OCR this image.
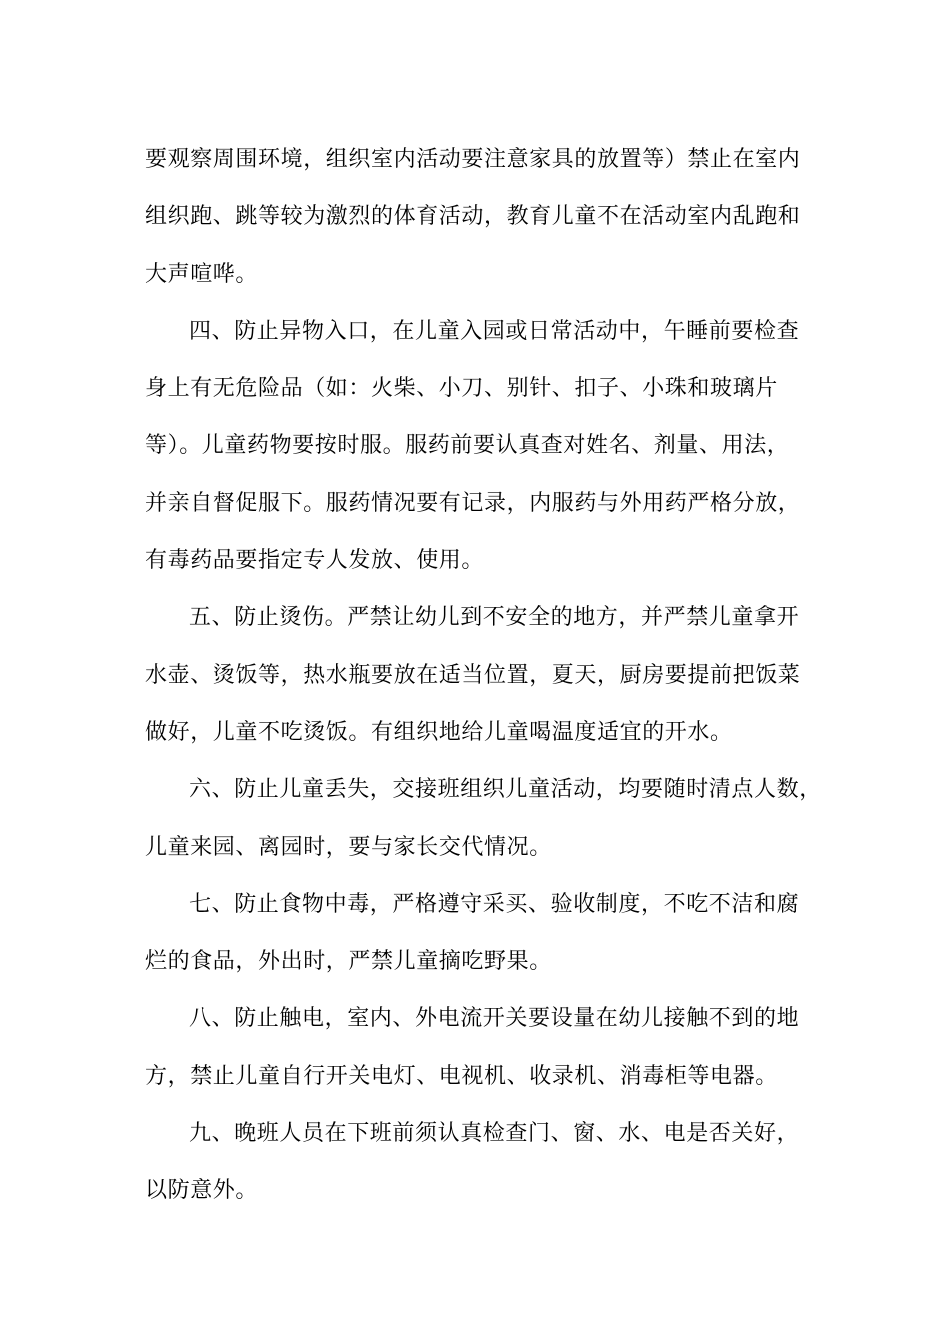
要观察周围环境，组织室内活动要注意家具的放置等）禁止在室内
组织跑、跳等较为激烈的体育活动，教育儿童不在活动室内乱跑和
大声喧哗。
四、防止异物入口，在儿童入园或日常活动中，午睡前要检查
身上有无危险品（如：火柴、小刀、别针、扣子、小珠和玻璃片
等）。儿童药物要按时服。服药前要认真查对姓名、剂量、用法，
并亲自督促服下。服药情况要有记录，内服药与外用药严格分放，
有毒药品要指定专人发放、使用。
五、防止烫伤。严禁让幼儿到不安全的地方，并严禁儿童拿开
水壶、烫饭等，热水瓶要放在适当位置，夏天，厨房要提前把饭菜
做好，儿童不吃烫饭。有组织地给儿童喝温度适宜的开水。
六、防止儿童丢失，交接班组织儿童活动，均要随时清点人数，
儿童来园、离园时，要与家长交代情况。
七、防止食物中毒，严格遵守采买、验收制度，不吃不洁和腐
烂的食品，外出时，严禁儿童摘吃野果。
八、防止触电，室内、外电流开关要设量在幼儿接触不到的地
方，禁止儿童自行开关电灯、电视机、收录机、消毒柜等电器。
九、晚班人员在下班前须认真检查门、窗、水、电是否关好，
以防意外。
